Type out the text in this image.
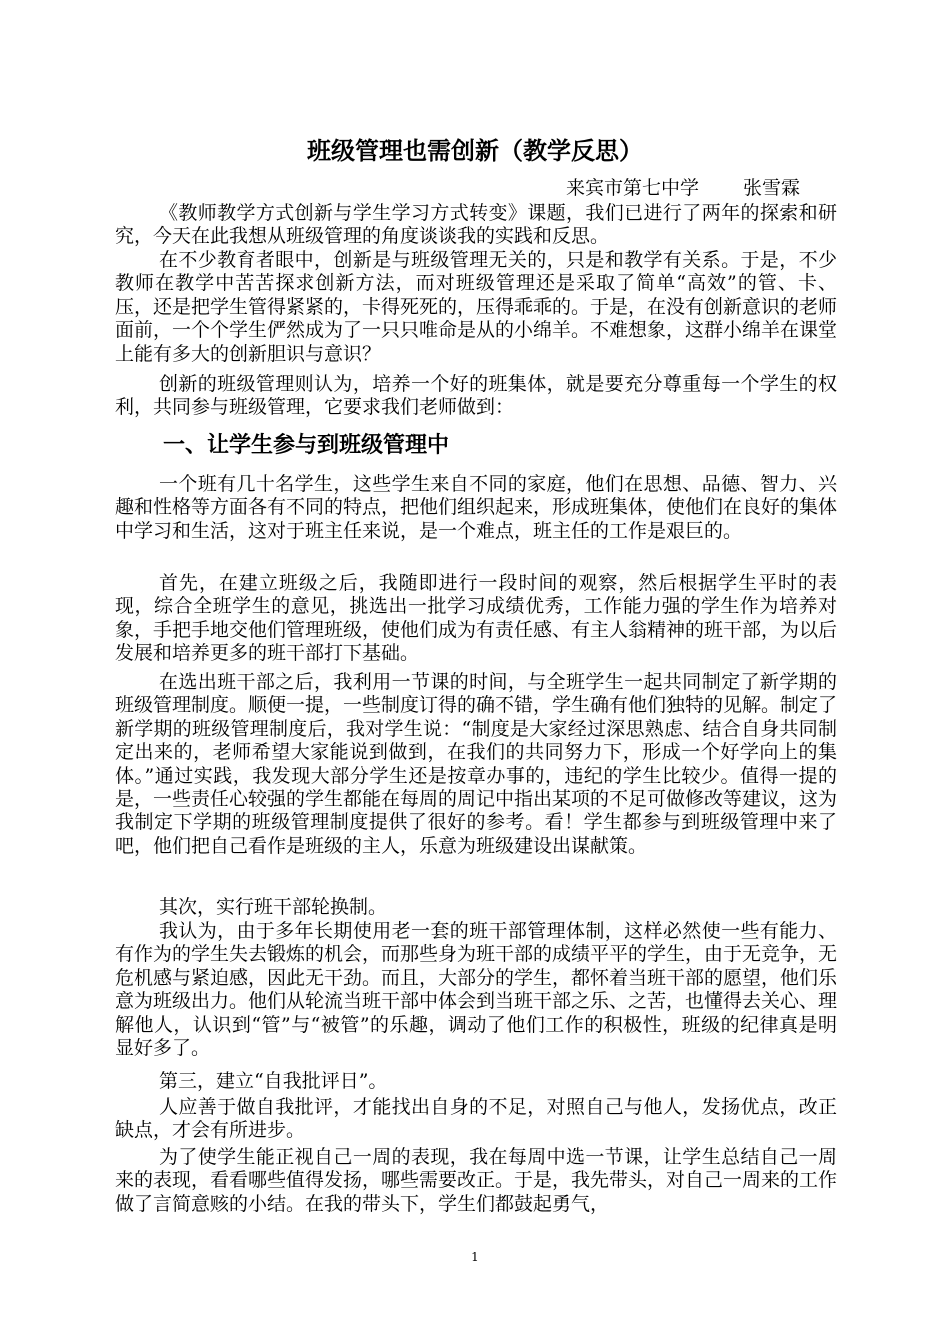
班级管理也需创新（教学反思）
来宾市第七中学 张雪霖

《教师教学方式创新与学生学习方式转变》课题，我们已进行了两年的探索和研究，今天在此我想从班级管理的角度谈谈我的实践和反思。

在不少教育者眼中，创新是与班级管理无关的，只是和教学有关系。于是，不少教师在教学中苦苦探求创新方法，而对班级管理还是采取了简单“高效”的管、卡、压，还是把学生管得紧紧的，卡得死死的，压得乖乖的。于是，在没有创新意识的老师面前，一个个学生俨然成为了一只只唯命是从的小绵羊。不难想象，这群小绵羊在课堂上能有多大的创新胆识与意识？

创新的班级管理则认为，培养一个好的班集体，就是要充分尊重每一个学生的权利，共同参与班级管理，它要求我们老师做到：

一、让学生参与到班级管理中

一个班有几十名学生，这些学生来自不同的家庭，他们在思想、品德、智力、兴趣和性格等方面各有不同的特点，把他们组织起来，形成班集体，使他们在良好的集体中学习和生活，这对于班主任来说，是一个难点，班主任的工作是艰巨的。

首先，在建立班级之后，我随即进行一段时间的观察，然后根据学生平时的表现，综合全班学生的意见，挑选出一批学习成绩优秀，工作能力强的学生作为培养对象，手把手地交他们管理班级，使他们成为有责任感、有主人翁精神的班干部，为以后发展和培养更多的班干部打下基础。

在选出班干部之后，我利用一节课的时间，与全班学生一起共同制定了新学期的班级管理制度。顺便一提，一些制度订得的确不错，学生确有他们独特的见解。制定了新学期的班级管理制度后，我对学生说：“制度是大家经过深思熟虑、结合自身共同制定出来的，老师希望大家能说到做到，在我们的共同努力下，形成一个好学向上的集体。”通过实践，我发现大部分学生还是按章办事的，违纪的学生比较少。值得一提的是，一些责任心较强的学生都能在每周的周记中指出某项的不足可做修改等建议，这为我制定下学期的班级管理制度提供了很好的参考。看！学生都参与到班级管理中来了吧，他们把自己看作是班级的主人，乐意为班级建设出谋献策。

其次，实行班干部轮换制。

我认为，由于多年长期使用老一套的班干部管理体制，这样必然使一些有能力、有作为的学生失去锻炼的机会，而那些身为班干部的成绩平平的学生，由于无竞争，无危机感与紧迫感，因此无干劲。而且，大部分的学生，都怀着当班干部的愿望，他们乐意为班级出力。他们从轮流当班干部中体会到当班干部之乐、之苦，也懂得去关心、理解他人，认识到“管”与“被管”的乐趣，调动了他们工作的积极性，班级的纪律真是明显好多了。

第三，建立“自我批评日”。

人应善于做自我批评，才能找出自身的不足，对照自己与他人，发扬优点，改正缺点，才会有所进步。

为了使学生能正视自己一周的表现，我在每周中选一节课，让学生总结自己一周来的表现，看看哪些值得发扬，哪些需要改正。于是，我先带头，对自己一周来的工作做了言简意赅的小结。在我的带头下，学生们都鼓起勇气，

1
